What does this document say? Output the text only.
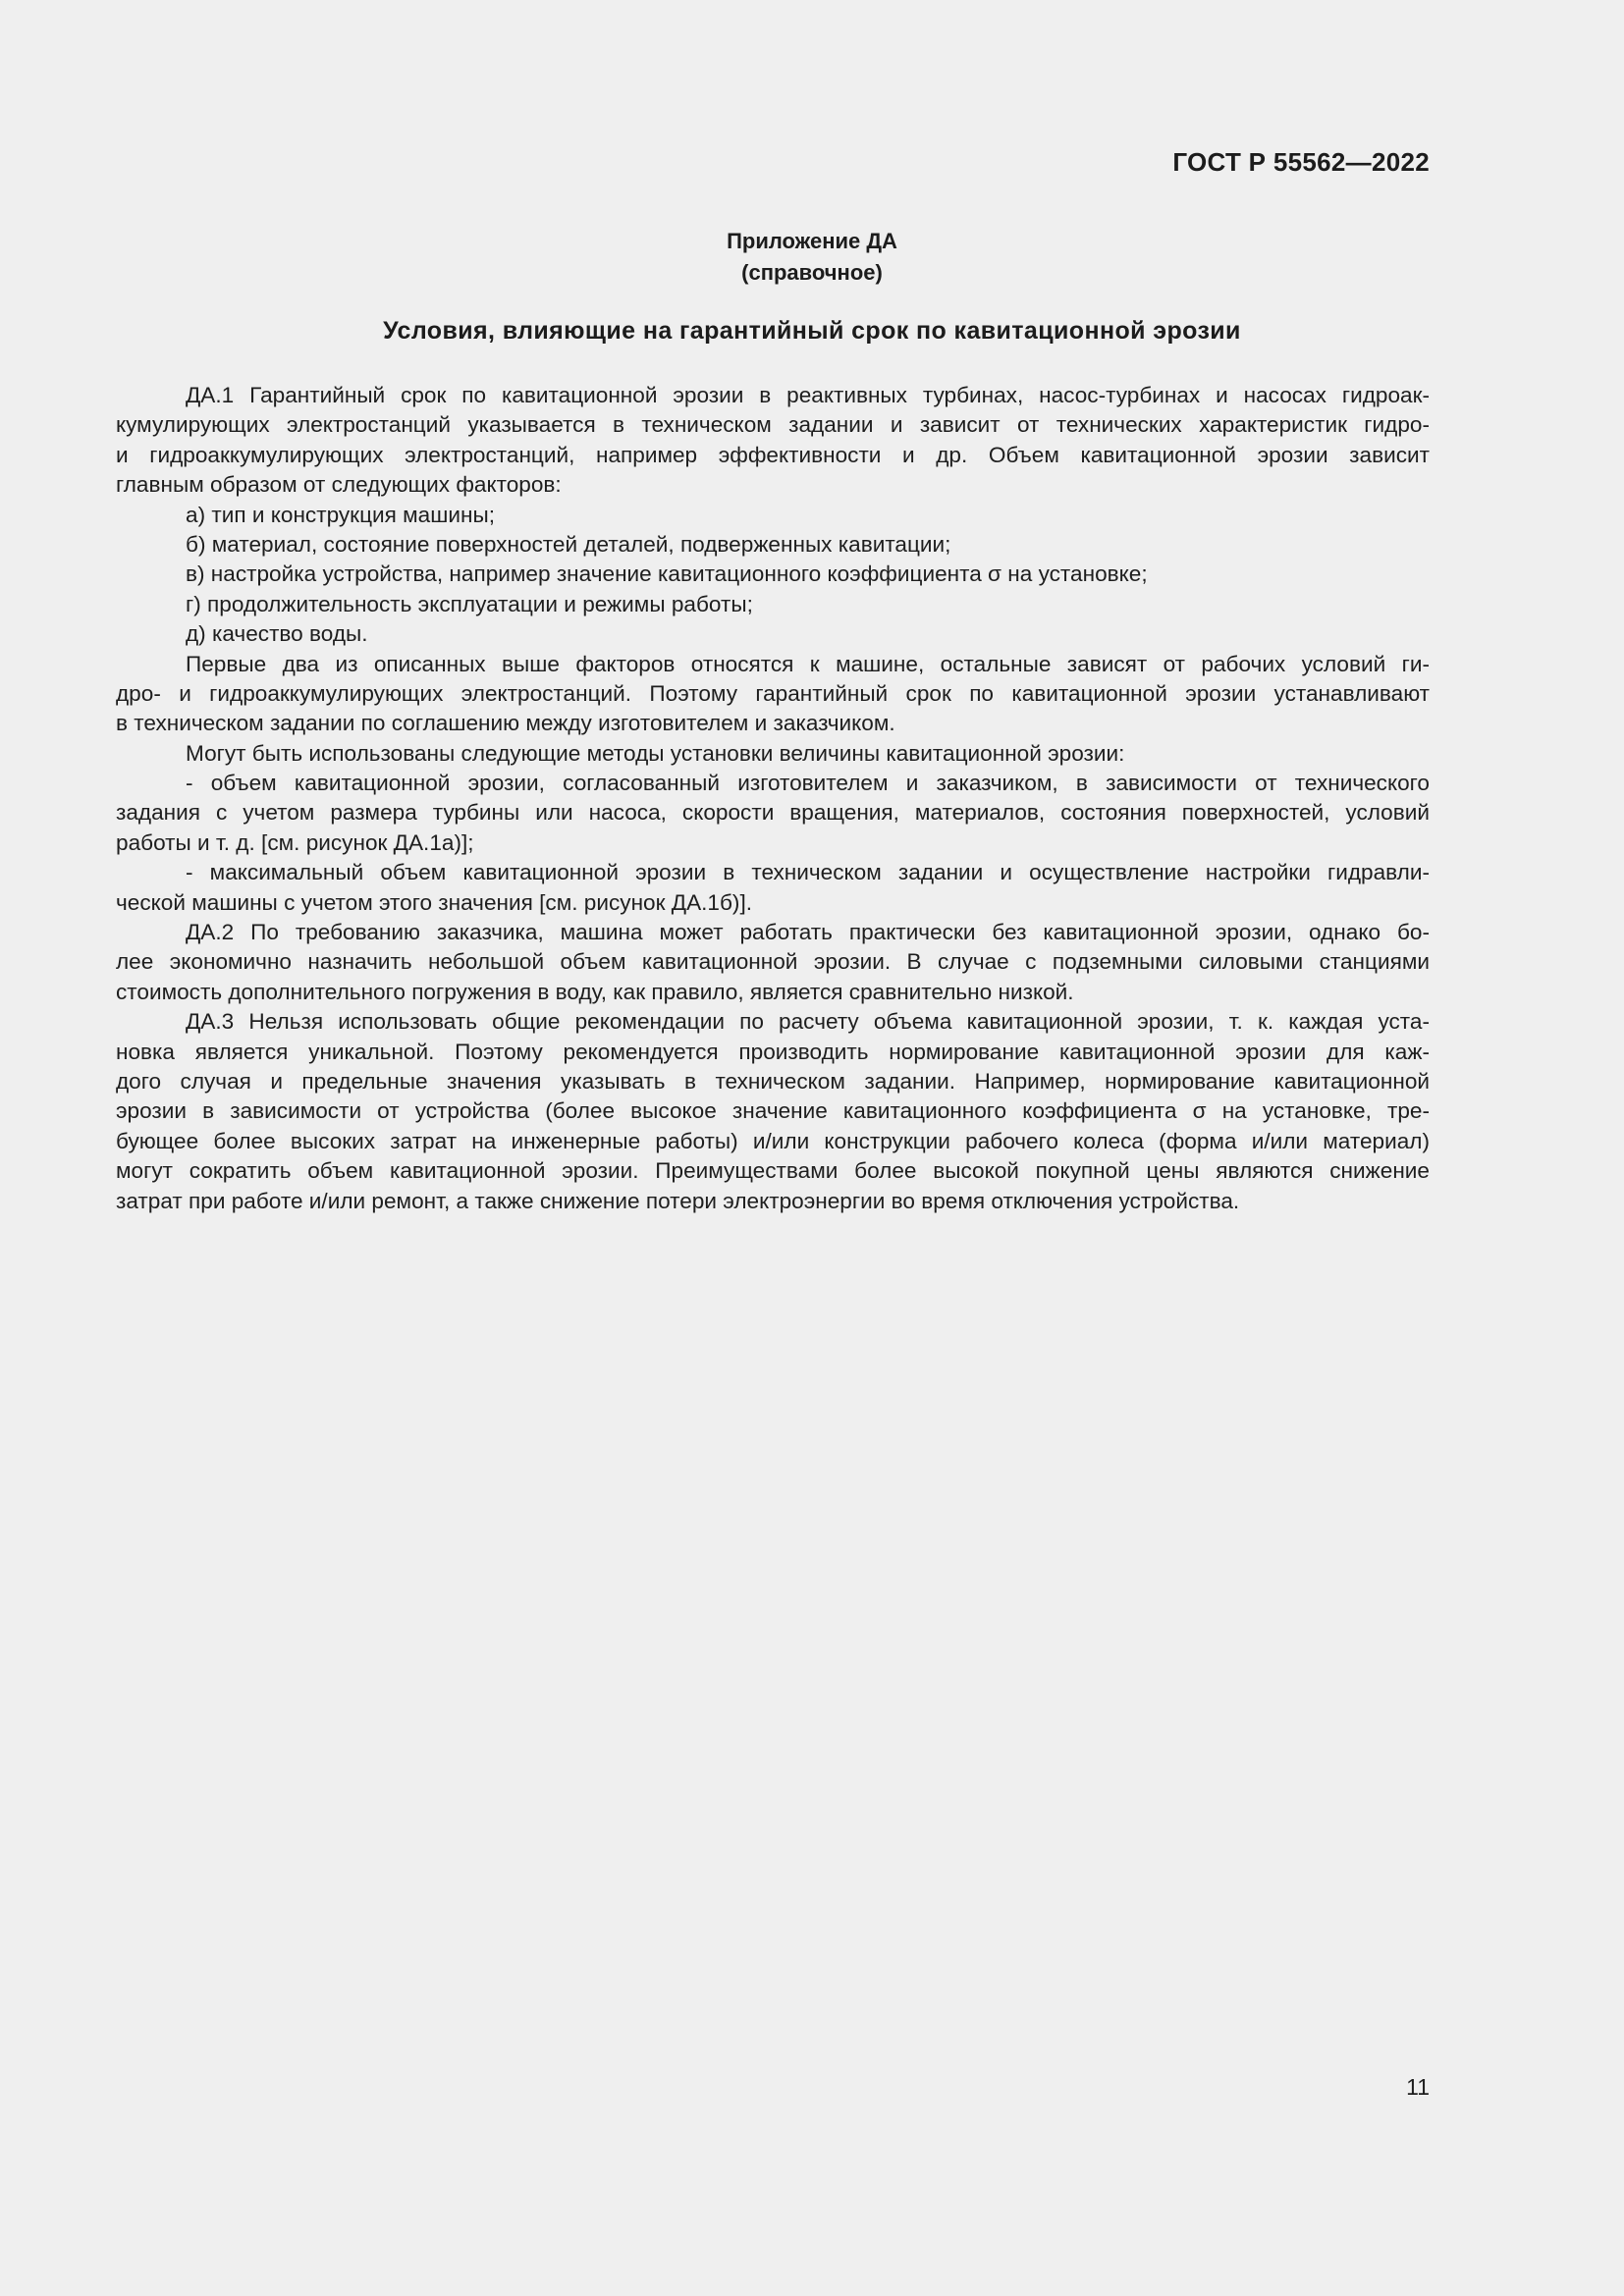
ГОСТ Р 55562—2022
Приложение ДА
(справочное)
Условия, влияющие на гарантийный срок по кавитационной эрозии
ДА.1 Гарантийный срок по кавитационной эрозии в реактивных турбинах, насос-турбинах и насосах гидроак-
кумулирующих электростанций указывается в техническом задании и зависит от технических характеристик гидро-
и гидроаккумулирующих электростанций, например эффективности и др. Объем кавитационной эрозии зависит
главным образом от следующих факторов:
а) тип и конструкция машины;
б) материал, состояние поверхностей деталей, подверженных кавитации;
в) настройка устройства, например значение кавитационного коэффициента σ на установке;
г) продолжительность эксплуатации и режимы работы;
д) качество воды.
Первые два из описанных выше факторов относятся к машине, остальные зависят от рабочих условий ги-
дро- и гидроаккумулирующих электростанций. Поэтому гарантийный срок по кавитационной эрозии устанавливают
в техническом задании по соглашению между изготовителем и заказчиком.
Могут быть использованы следующие методы установки величины кавитационной эрозии:
- объем кавитационной эрозии, согласованный изготовителем и заказчиком, в зависимости от технического
задания с учетом размера турбины или насоса, скорости вращения, материалов, состояния поверхностей, условий
работы и т. д. [см. рисунок ДА.1а)];
- максимальный объем кавитационной эрозии в техническом задании и осуществление настройки гидравли-
ческой машины с учетом этого значения [см. рисунок ДА.1б)].
ДА.2 По требованию заказчика, машина может работать практически без кавитационной эрозии, однако бо-
лее экономично назначить небольшой объем кавитационной эрозии. В случае с подземными силовыми станциями
стоимость дополнительного погружения в воду, как правило, является сравнительно низкой.
ДА.3 Нельзя использовать общие рекомендации по расчету объема кавитационной эрозии, т. к. каждая уста-
новка является уникальной. Поэтому рекомендуется производить нормирование кавитационной эрозии для каж-
дого случая и предельные значения указывать в техническом задании. Например, нормирование кавитационной
эрозии в зависимости от устройства (более высокое значение кавитационного коэффициента σ на установке, тре-
бующее более высоких затрат на инженерные работы) и/или конструкции рабочего колеса (форма и/или материал)
могут сократить объем кавитационной эрозии. Преимуществами более высокой покупной цены являются снижение
затрат при работе и/или ремонт, а также снижение потери электроэнергии во время отключения устройства.
11
